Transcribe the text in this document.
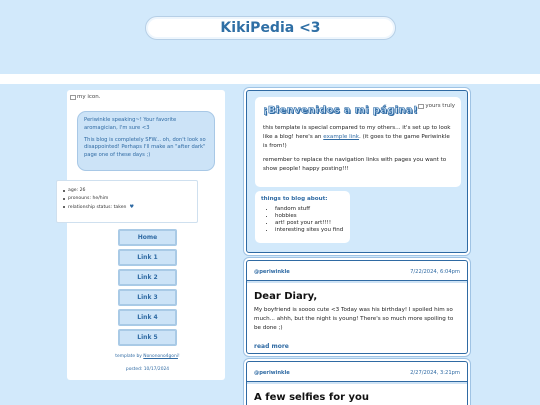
KikiPedia <3
my icon.

Periwinkle speaking~! Your favorite aromagician, I'm sure <3

This blog is completely SFW... oh, don't look so disappointed! Perhaps I'll make an "after dark" page one of these days ;)

age: 26
pronouns: he/him
relationship status: taken ♥
Home
Link 1
Link 2
Link 3
Link 4
Link 5
template by Nononono4goni!
posted: 10/17/2024
yours truly
¡Bienvenidos a mi página!

this template is special compared to my others... it's set up to look like a blog! here's an example link. (it goes to the game Periwinkle is from!)

remember to replace the navigation links with pages you want to show people! happy posting!!!

things to blog about:
• fandom stuff
• hobbies
• art! post your art!!!!
• interesting sites you find
@periwinkle	7/22/2024, 6:04pm
Dear Diary,

My boyfriend is soooo cute <3 Today was his birthday! I spoiled him so much... ahhh, but the night is young! There's so much more spoiling to be done ;)

read more
@periwinkle	2/27/2024, 3:21pm
A few selfies for you
